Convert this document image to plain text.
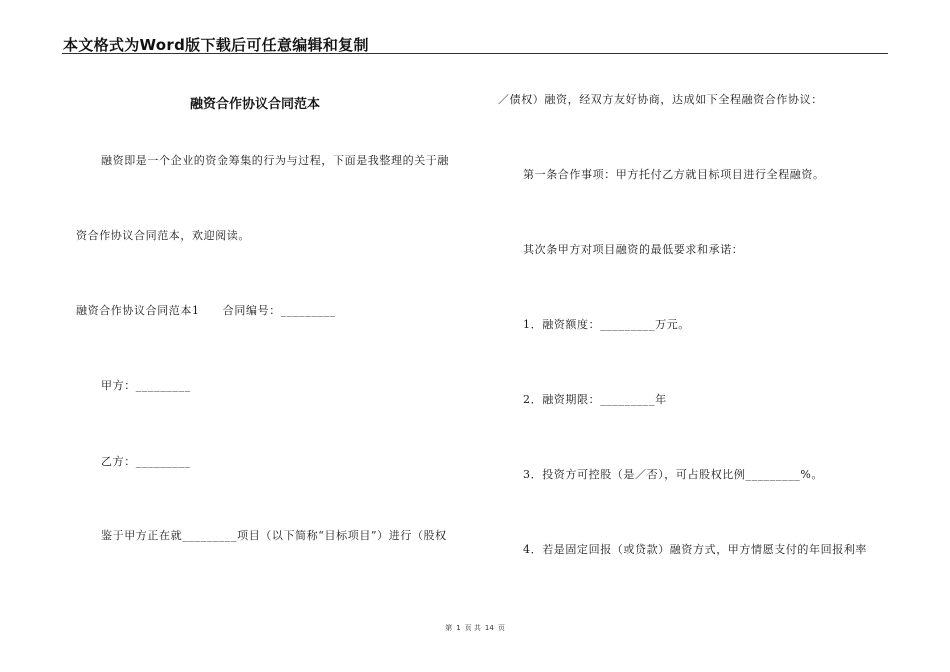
本文格式为Word版下载后可任意编辑和复制
融资合作协议合同范本
融资即是一个企业的资金筹集的行为与过程，下面是我整理的关于融
资合作协议合同范本，欢迎阅读。
融资合作协议合同范本1　　合同编号：_________
甲方：_________
乙方：_________
鉴于甲方正在就_________项目（以下简称“目标项目”）进行（股权
／债权）融资，经双方友好协商，达成如下全程融资合作协议：
第一条合作事项：甲方托付乙方就目标项目进行全程融资。
其次条甲方对项目融资的最低要求和承诺：
1．融资额度：_________万元。
2．融资期限：_________年
3．投资方可控股（是／否），可占股权比例_________%。
4．若是固定回报（或贷款）融资方式，甲方情愿支付的年回报利率
第 1 页 共 14 页
